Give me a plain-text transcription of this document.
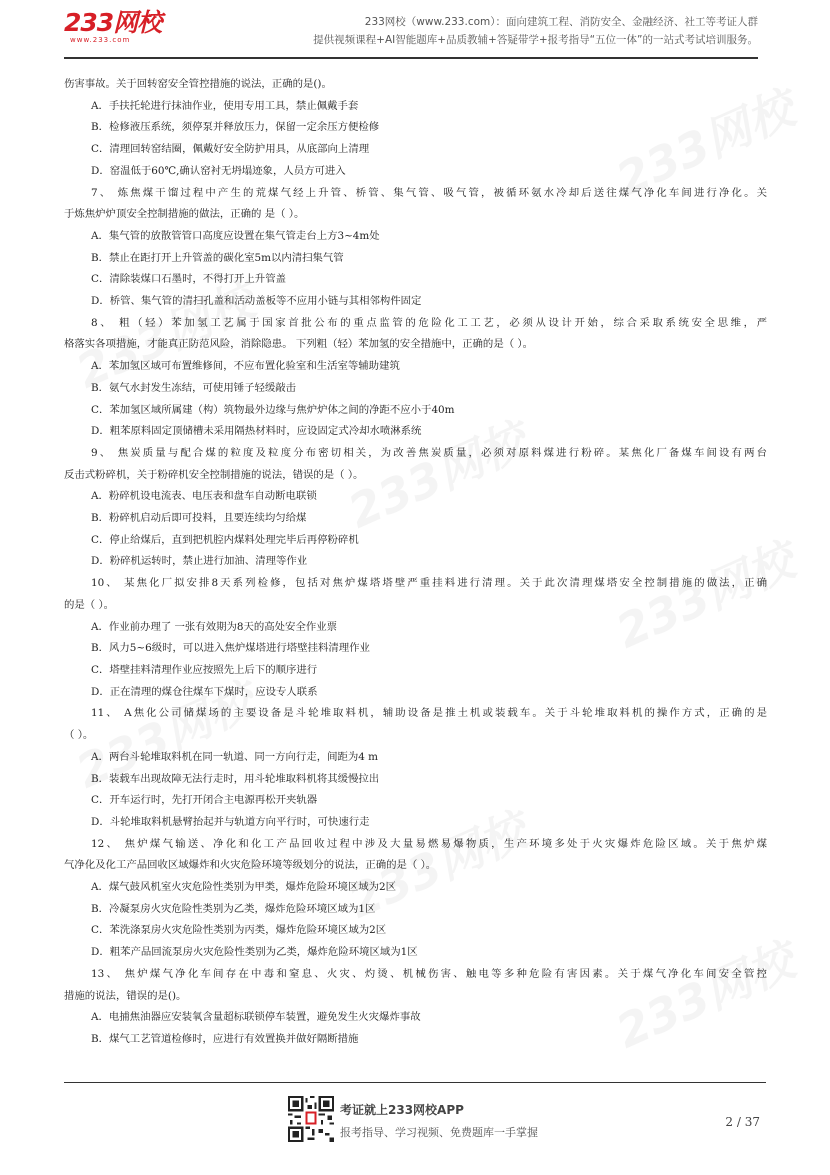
233网校
www.233.com
233网校（www.233.com）：面向建筑工程、消防安全、金融经济、社工等考证人群
提供视频课程+AI智能题库+品质教辅+答疑带学+报考指导“五位一体”的一站式考试培训服务。
伤害事故。关于回转窑安全管控措施的说法，正确的是()。
A．手扶托轮进行抹油作业，使用专用工具，禁止佩戴手套
B．检修液压系统，须停泵并释放压力，保留一定余压方便检修
C．清理回转窑结圈，佩戴好安全防护用具，从底部向上清理
D．窑温低于60℃,确认窑衬无坍塌迹象，人员方可进入
7、 炼焦煤干馏过程中产生的荒煤气经上升管、桥管、集气管、吸气管，被循环氨水冷却后送往煤气净化车间进行净化。关
于炼焦炉炉顶安全控制措施的做法，正确的 是（ ）。
A．集气管的放散管管口高度应设置在集气管走台上方3~4m处
B．禁止在距打开上升管盖的碳化室5m以内清扫集气管
C．清除装煤口石墨时，不得打开上升管盖
D．桥管、集气管的清扫孔盖和活动盖板等不应用小链与其相邻构件固定
8、 粗（轻）苯加氢工艺属于国家首批公布的重点监管的危险化工工艺，必须从设计开始，综合采取系统安全思维，严
格落实各项措施，才能真正防范风险，消除隐患。 下列粗（轻）苯加氢的安全措施中，正确的是（ ）。
A．苯加氢区域可布置维修间，不应布置化验室和生活室等辅助建筑
B．氨气水封发生冻结，可使用锤子轻缓敲击
C．苯加氢区域所属建（构）筑物最外边缘与焦炉炉体之间的净距不应小于40m
D．粗苯原料固定顶储槽未采用隔热材料时，应设固定式冷却水喷淋系统
9、 焦炭质量与配合煤的粒度及粒度分布密切相关，为改善焦炭质量，必须对原料煤进行粉碎。某焦化厂备煤车间设有两台
反击式粉碎机，关于粉碎机安全控制措施的说法，错误的是（ ）。
A．粉碎机设电流表、电压表和盘车自动断电联锁
B．粉碎机启动后即可投料，且要连续均匀给煤
C．停止给煤后，直到把机腔内煤料处理完毕后再停粉碎机
D．粉碎机运转时，禁止进行加油、清理等作业
10、 某焦化厂拟安排8天系列检修，包括对焦炉煤塔塔壁严重挂料进行清理。关于此次清理煤塔安全控制措施的做法，正确
的是（ ）。
A．作业前办理了 一张有效期为8天的高处安全作业票
B．风力5~6级时，可以进入焦炉煤塔进行塔壁挂料清理作业
C．塔壁挂料清理作业应按照先上后下的顺序进行
D．正在清理的煤仓往煤车下煤时，应设专人联系
11、 A焦化公司储煤场的主要设备是斗轮堆取料机，辅助设备是推土机或装载车。关于斗轮堆取料机的操作方式，正确的是
（ ）。
A．两台斗轮堆取料机在同一轨道、同一方向行走，间距为4 m
B．装载车出现故障无法行走时，用斗轮堆取料机将其缓慢拉出
C．开车运行时，先打开闭合主电源再松开夹轨器
D．斗轮堆取料机悬臂抬起并与轨道方向平行时，可快速行走
12、 焦炉煤气输送、净化和化工产品回收过程中涉及大量易燃易爆物质，生产环境多处于火灾爆炸危险区域。关于焦炉煤
气净化及化工产品回收区域爆炸和火灾危险环境等级划分的说法，正确的是（ ）。
A．煤气鼓风机室火灾危险性类别为甲类，爆炸危险环境区域为2区
B．冷凝泵房火灾危险性类别为乙类，爆炸危险环境区域为1区
C．苯洗涤泵房火灾危险性类别为丙类，爆炸危险环境区域为2区
D．粗苯产品回流泵房火灾危险性类别为乙类，爆炸危险环境区域为1区
13、 焦炉煤气净化车间存在中毒和窒息、火灾、灼烫、机械伤害、触电等多种危险有害因素。关于煤气净化车间安全管控
措施的说法，错误的是()。
A．电捕焦油器应安装氧含量超标联锁停车装置，避免发生火灾爆炸事故
B．煤气工艺管道检修时，应进行有效置换并做好隔断措施
考证就上233网校APP
报考指导、学习视频、免费题库一手掌握
2 / 37
